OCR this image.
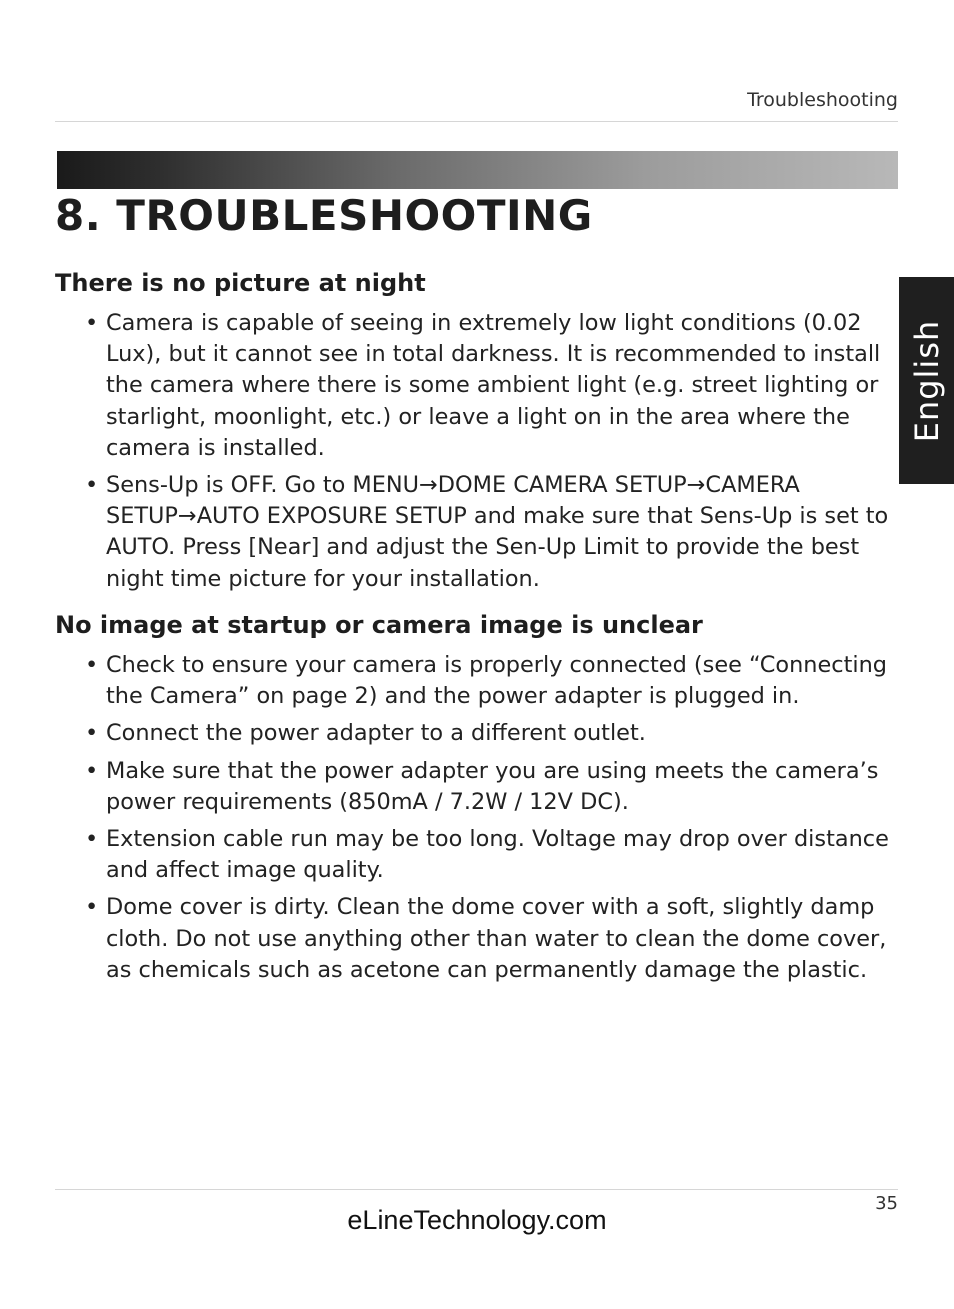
Troubleshooting
8. TROUBLESHOOTING
English
There is no picture at night
• Camera is capable of seeing in extremely low light conditions (0.02 Lux), but it cannot see in total darkness. It is recommended to install the camera where there is some ambient light (e.g. street lighting or starlight, moonlight, etc.) or leave a light on in the area where the camera is installed.
• Sens-Up is OFF. Go to MENU→DOME CAMERA SETUP→CAMERA SETUP→AUTO EXPOSURE SETUP and make sure that Sens-Up is set to AUTO. Press [Near] and adjust the Sen-Up Limit to provide the best night time picture for your installation.
No image at startup or camera image is unclear
• Check to ensure your camera is properly connected (see “Connecting the Camera” on page 2) and the power adapter is plugged in.
• Connect the power adapter to a different outlet.
• Make sure that the power adapter you are using meets the camera’s power requirements (850mA / 7.2W / 12V DC).
• Extension cable run may be too long. Voltage may drop over distance and affect image quality.
• Dome cover is dirty. Clean the dome cover with a soft, slightly damp cloth. Do not use anything other than water to clean the dome cover, as chemicals such as acetone can permanently damage the plastic.
35
eLineTechnology.com
